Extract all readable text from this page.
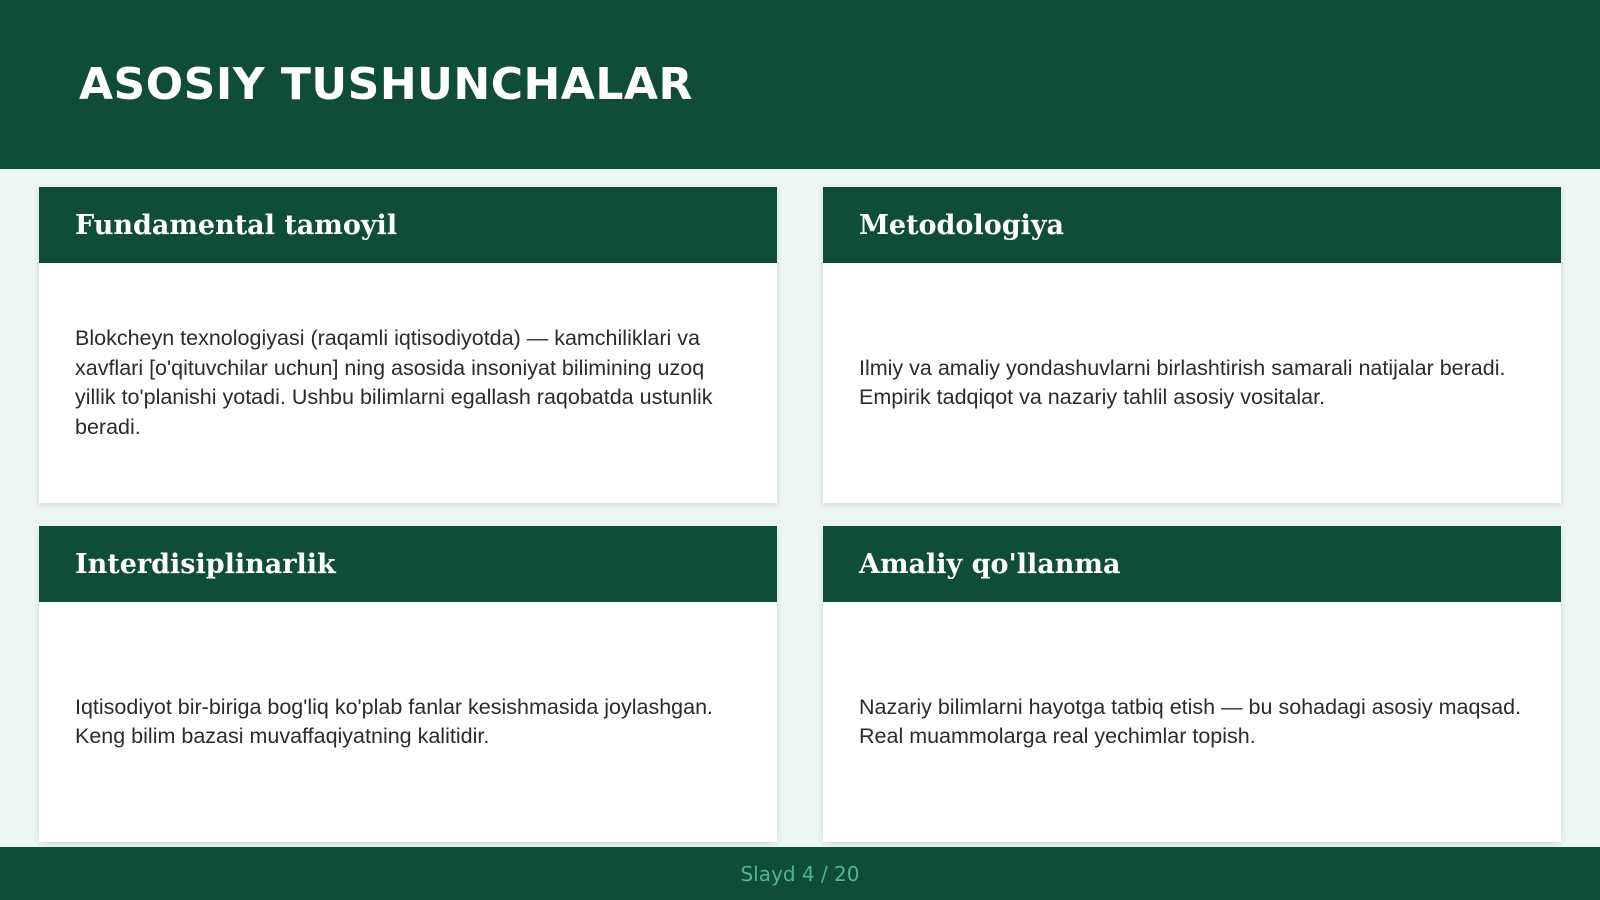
ASOSIY TUSHUNCHALAR
Fundamental tamoyil

Blokcheyn texnologiyasi (raqamli iqtisodiyotda) — kamchiliklari va xavflari [o'qituvchilar uchun] ning asosida insoniyat bilimining uzoq yillik to'planishi yotadi. Ushbu bilimlarni egallash raqobatda ustunlik beradi.

Metodologiya

Ilmiy va amaliy yondashuvlarni birlashtirish samarali natijalar beradi. Empirik tadqiqot va nazariy tahlil asosiy vositalar.

Interdisiplinarlik

Iqtisodiyot bir-biriga bog'liq ko'plab fanlar kesishmasida joylashgan. Keng bilim bazasi muvaffaqiyatning kalitidir.

Amaliy qo'llanma

Nazariy bilimlarni hayotga tatbiq etish — bu sohadagi asosiy maqsad. Real muammolarga real yechimlar topish.

Slayd 4 / 20
